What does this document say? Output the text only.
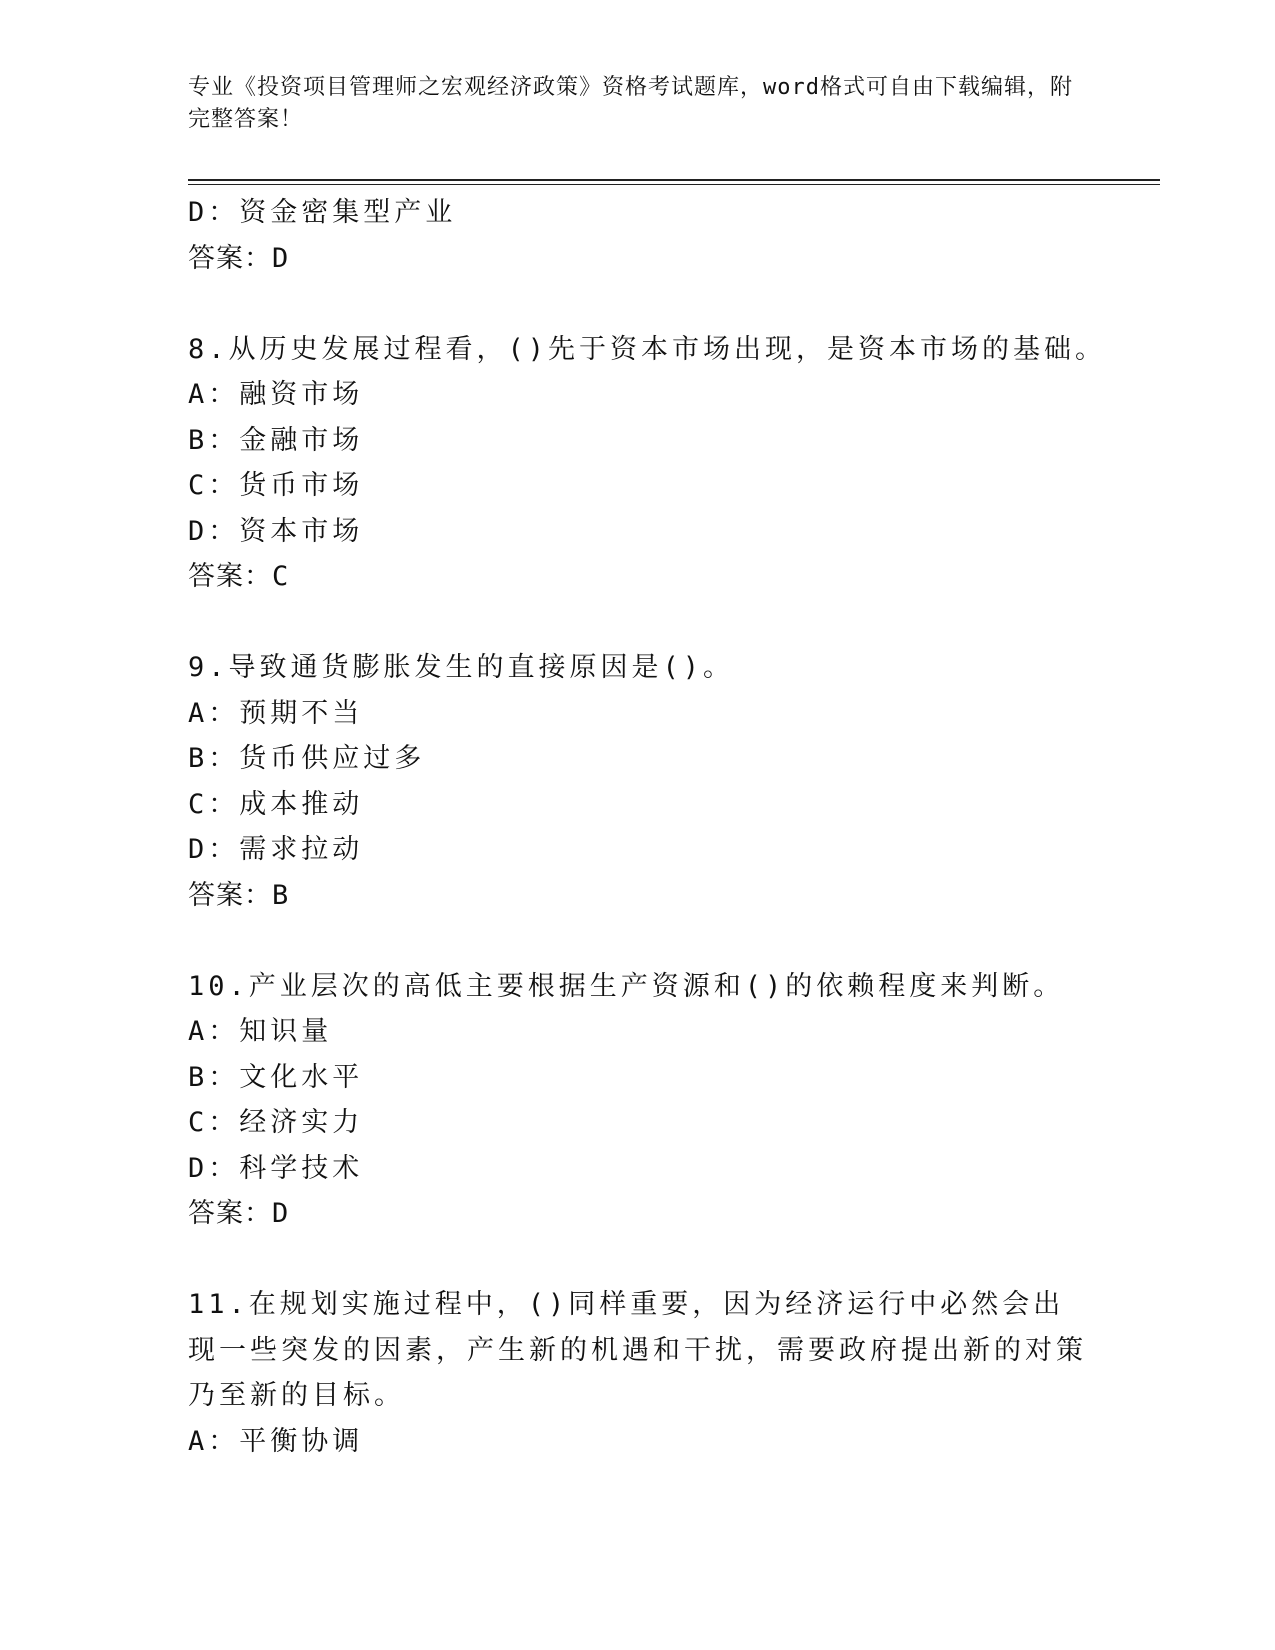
专业《投资项目管理师之宏观经济政策》资格考试题库，word格式可自由下载编辑，附完整答案！

D：资金密集型产业
答案：D
8.从历史发展过程看，()先于资本市场出现，是资本市场的基础。
A：融资市场
B：金融市场
C：货币市场
D：资本市场
答案：C
9.导致通货膨胀发生的直接原因是()。
A：预期不当
B：货币供应过多
C：成本推动
D：需求拉动
答案：B
10.产业层次的高低主要根据生产资源和()的依赖程度来判断。
A：知识量
B：文化水平
C：经济实力
D：科学技术
答案：D

11.在规划实施过程中，()同样重要，因为经济运行中必然会出现一些突发的因素，产生新的机遇和干扰，需要政府提出新的对策乃至新的目标。

A：平衡协调
